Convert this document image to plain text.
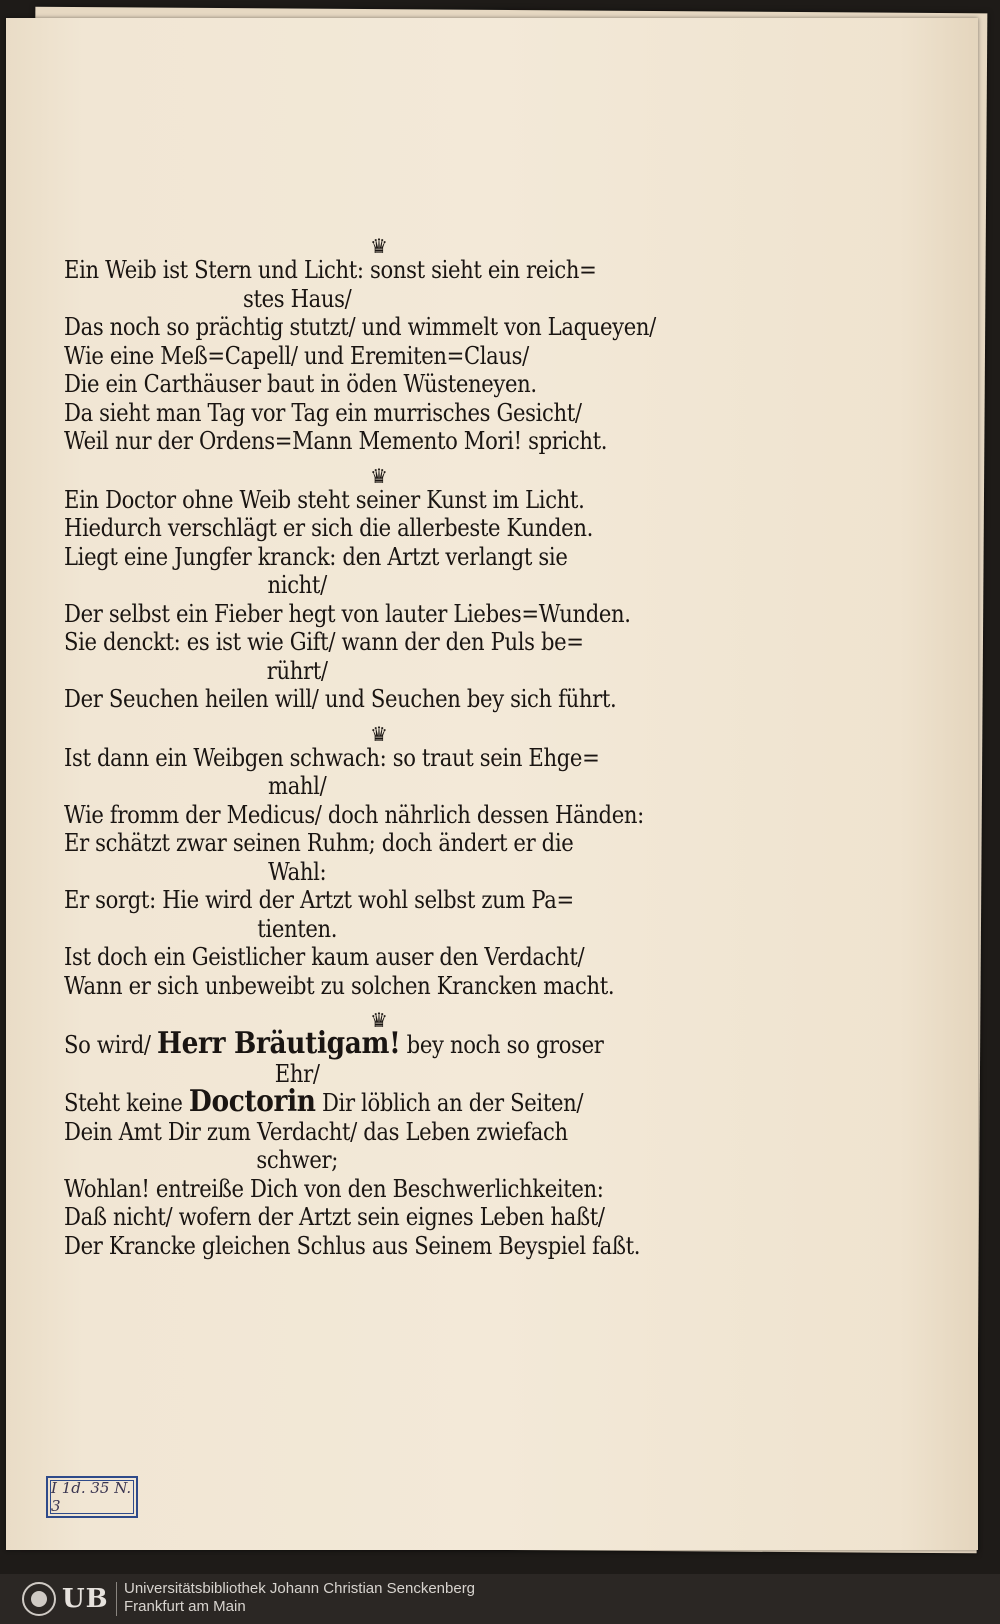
♛
Ein Weib ist Stern und Licht: sonst sieht ein reich=
stes Haus/
Das noch so prächtig stutzt/ und wimmelt von Laqueyen/
Wie eine Meß=Capell/ und Eremiten=Claus/
Die ein Carthäuser baut in öden Wüsteneyen.
Da sieht man Tag vor Tag ein murrisches Gesicht/
Weil nur der Ordens=Mann Memento Mori! spricht.
♛
Ein Doctor ohne Weib steht seiner Kunst im Licht.
Hiedurch verschlägt er sich die allerbeste Kunden.
Liegt eine Jungfer kranck: den Artzt verlangt sie
nicht/
Der selbst ein Fieber hegt von lauter Liebes=Wunden.
Sie denckt: es ist wie Gift/ wann der den Puls be=
rührt/
Der Seuchen heilen will/ und Seuchen bey sich führt.
♛
Ist dann ein Weibgen schwach: so traut sein Ehge=
mahl/
Wie fromm der Medicus/ doch nährlich dessen Händen:
Er schätzt zwar seinen Ruhm; doch ändert er die
Wahl:
Er sorgt: Hie wird der Artzt wohl selbst zum Pa=
tienten.
Ist doch ein Geistlicher kaum auser den Verdacht/
Wann er sich unbeweibt zu solchen Krancken macht.
♛
So wird/ Herr Bräutigam! bey noch so groser
Ehr/
Steht keine Doctorin Dir löblich an der Seiten/
Dein Amt Dir zum Verdacht/ das Leben zwiefach
schwer;
Wohlan! entreiße Dich von den Beschwerlichkeiten:
Daß nicht/ wofern der Artzt sein eignes Leben haßt/
Der Krancke gleichen Schlus aus Seinem Beyspiel faßt.
I 1d. 35 N. 3
UB Universitätsbibliothek Johann Christian Senckenberg
Frankfurt am Main
